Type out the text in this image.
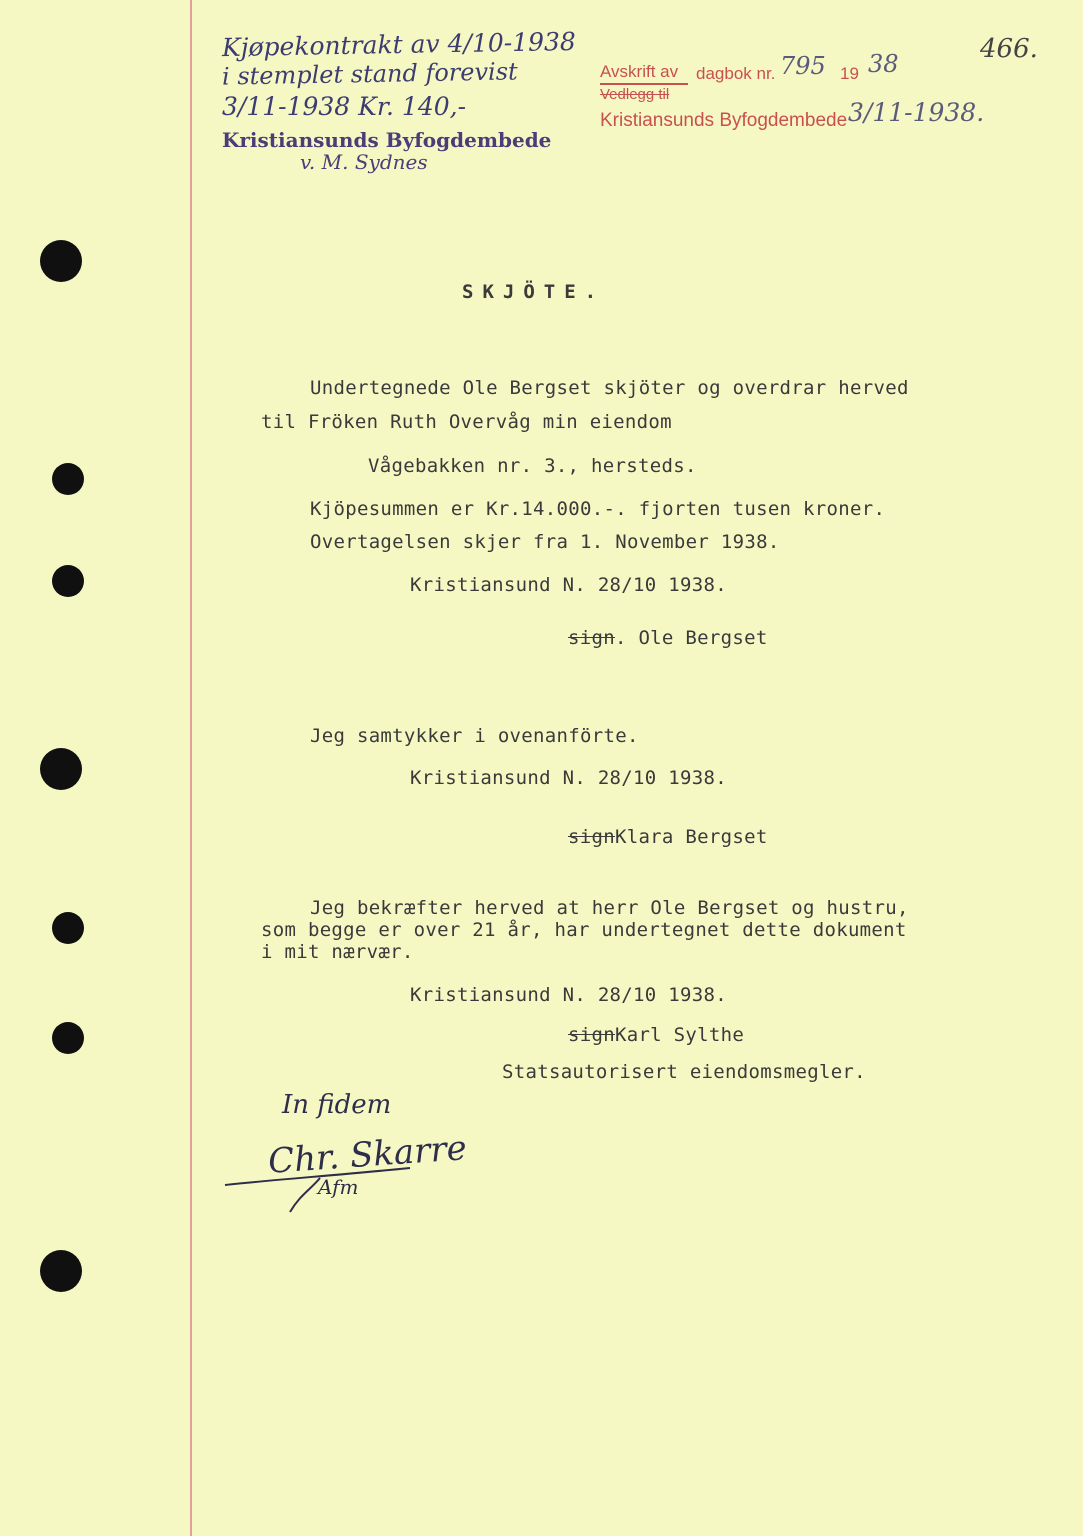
466.
Kjøpekontrakt av 4/10-1938
i stemplet stand forevist
3/11-1938 Kr. 140,-
Kristiansunds Byfogdembede
v. M. Sydnes
Avskrift av dagbok nr. 795 19 38
Vedlegg til
Kristiansunds Byfogdembede 3/11-1938.
SKJÖTE.
Undertegnede Ole Bergset skjöter og overdrar herved
til Fröken Ruth Overvåg min eiendom
Vågebakken nr. 3., hersteds.
Kjöpesummen er Kr.14.000.-. fjorten tusen kroner.
Overtagelsen skjer fra 1. November 1938.
Kristiansund N. 28/10 1938.
sign. Ole Bergset
Jeg samtykker i ovenanförte.
Kristiansund N. 28/10 1938.
signKlara Bergset
Jeg bekræfter herved at herr Ole Bergset og hustru,
som begge er over 21 år, har undertegnet dette dokument
i mit nærvær.
Kristiansund N. 28/10 1938.
signKarl Sylthe
Statsautorisert eiendomsmegler.
In fidem
Chr. Skarre
Afm
